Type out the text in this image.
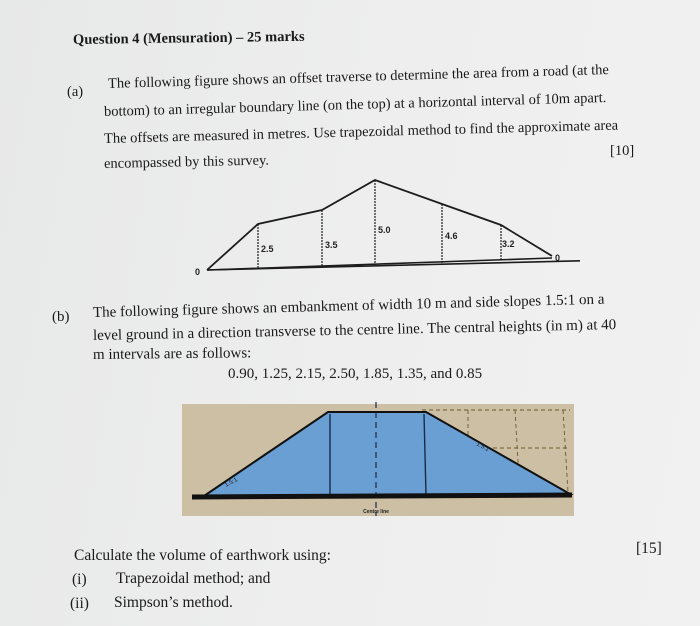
Question 4 (Mensuration) – 25 marks
(a)
The following figure shows an offset traverse to determine the area from a road (at the
bottom) to an irregular boundary line (on the top) at a horizontal interval of 10m apart.
The offsets are measured in metres. Use trapezoidal method to find the approximate area
encompassed by this survey.
[10]
0
2.5	3.5
5.0
4.6
3.2
0
(b) The following figure shows an embankment of width 10 m and side slopes 1.5:1 on a
level ground in a direction transverse to the centre line. The central heights (in m) at 40
m intervals are as follows:
0.90, 1.25, 2.15, 2.50, 1.85, 1.35, and 0.85
1.5:1
1.5:1
Centre line
Calculate the volume of earthwork using:	[15]
(i) Trapezoidal method; and
(ii) Simpson’s method.
